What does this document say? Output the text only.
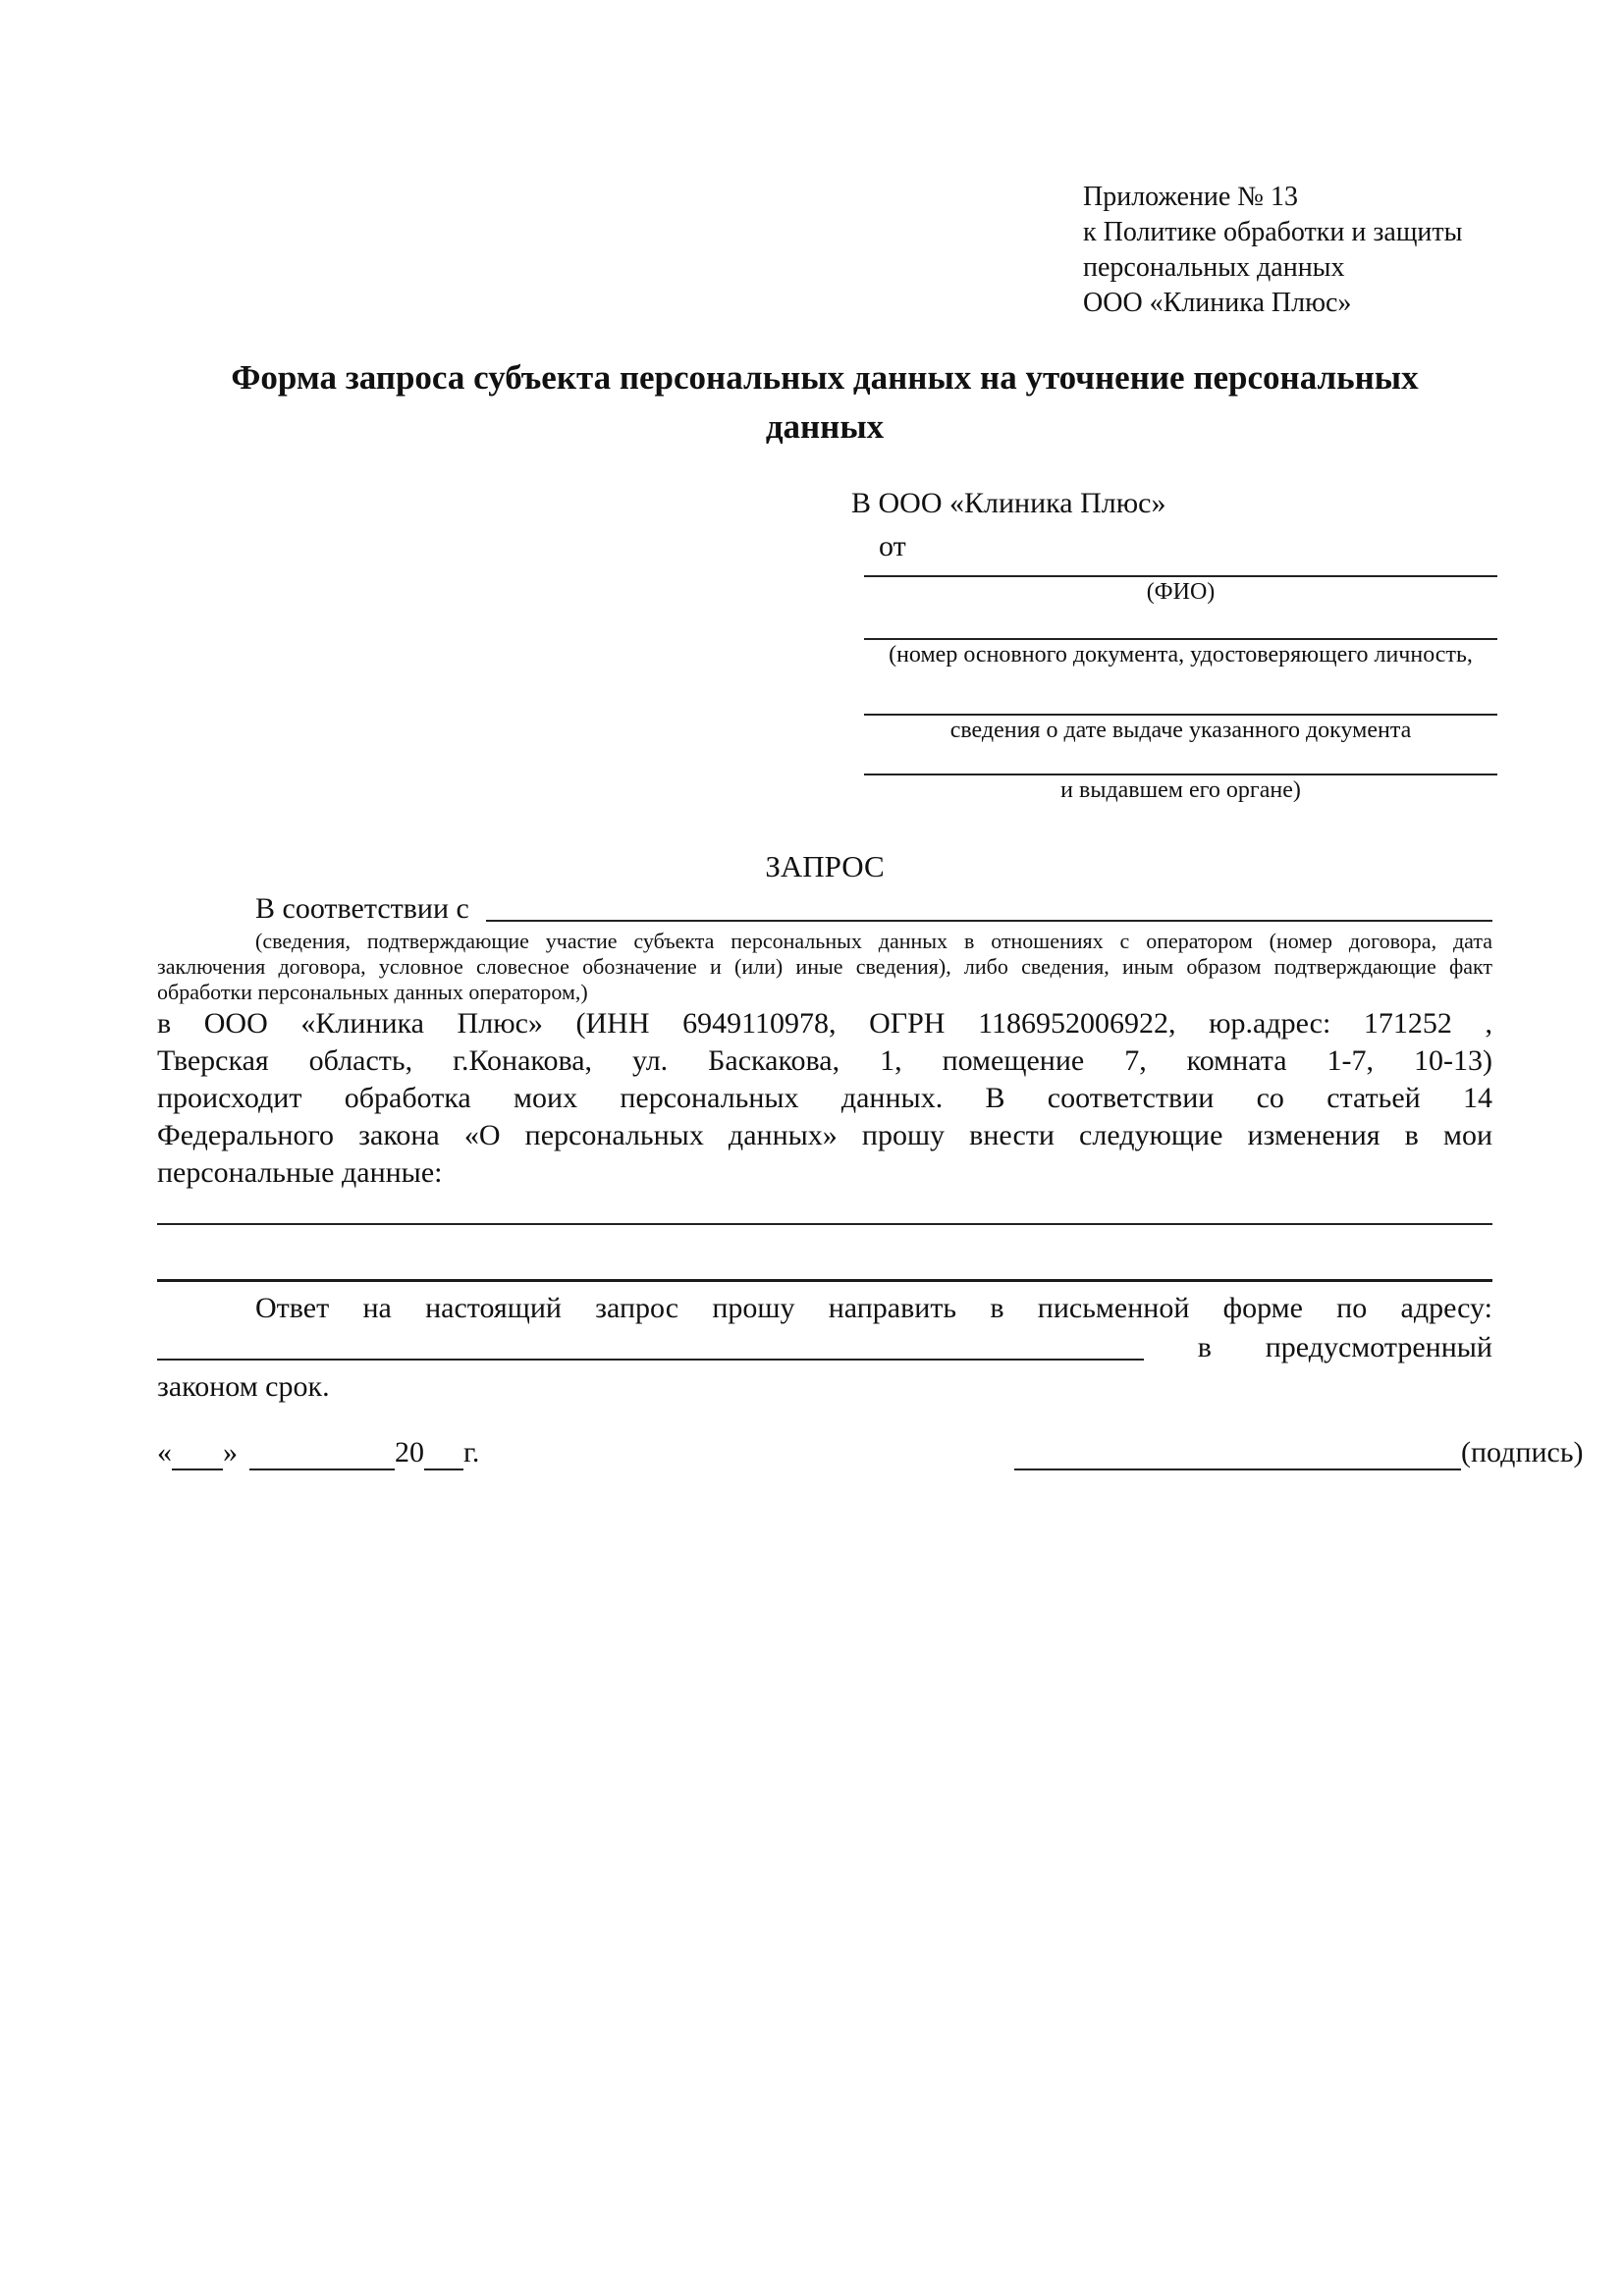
Приложение № 13
к Политике обработки и защиты
персональных данных
ООО «Клиника Плюс»
Форма запроса субъекта персональных данных на уточнение персональных данных
В ООО «Клиника Плюс»
от
(ФИО)
(номер основного документа, удостоверяющего личность,
сведения о дате выдаче указанного документа
и выдавшем его органе)
ЗАПРОС
В соответствии с
(сведения, подтверждающие участие субъекта персональных данных в отношениях с оператором (номер договора, дата
заключения договора, условное словесное обозначение и (или) иные сведения), либо сведения, иным образом подтверждающие факт
обработки персональных данных оператором,)
в ООО «Клиника Плюс» (ИНН 6949110978, ОГРН 1186952006922, юр.адрес: 171252 ,
Тверская область, г.Конакова, ул. Баскакова, 1, помещение 7, комната 1-7, 10-13)
происходит обработка моих персональных данных. В соответствии со статьей 14
Федерального закона «О персональных данных» прошу внести следующие изменения в мои
персональные данные:
Ответ на настоящий запрос прошу направить в письменной форме по адресу:
в предусмотренный
законом срок.
« »	20 г.	(подпись)
